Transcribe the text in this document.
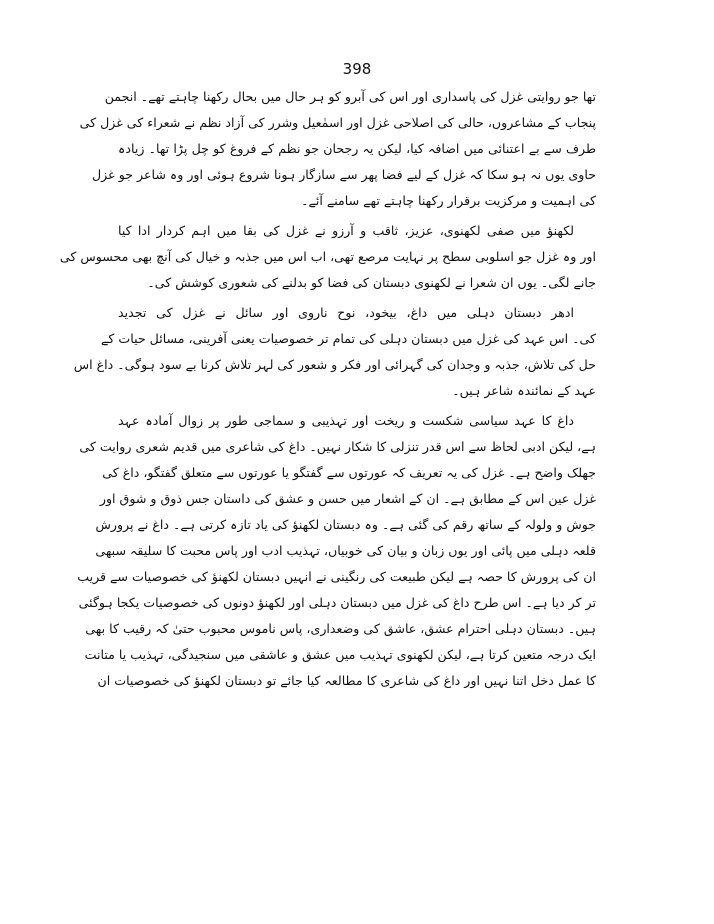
398
تھا جو روایتی غزل کی پاسداری اور اس کی آبرو کو ہر حال میں بحال رکھنا چاہتے تھے۔ انجمن
پنجاب کے مشاعروں، حالی کی اصلاحی غزل اور اسمٰعیل وشرر کی آزاد نظم نے شعراء کی غزل کی
طرف سے بے اعتنائی میں اضافہ کیا، لیکن یہ رجحان جو نظم کے فروغ کو چل پڑا تھا۔ زیادہ
حاوی یوں نہ ہو سکا کہ غزل کے لیے فضا پھر سے سازگار ہونا شروع ہوئی اور وہ شاعر جو غزل
کی اہمیت و مرکزیت برقرار رکھنا چاہتے تھے سامنے آئے۔
لکھنؤ میں صفی لکھنوی، عزیز، ثاقب و آرزو نے غزل کی بقا میں اہم کردار ادا کیا
اور وہ غزل جو اسلوبی سطح پر نہایت مرصع تھی، اب اس میں جذبہ و خیال کی آنچ بھی محسوس کی
جانے لگی۔ یوں ان شعرا نے لکھنوی دبستان کی فضا کو بدلنے کی شعوری کوشش کی۔
ادھر دبستان دہلی میں داغ، بیخود، نوح ناروی اور سائل نے غزل کی تجدید
کی۔ اس عہد کی غزل میں دبستان دہلی کی تمام تر خصوصیات یعنی آفرینی، مسائل حیات کے
حل کی تلاش، جذبہ و وجدان کی گہرائی اور فکر و شعور کی لہر تلاش کرنا بے سود ہوگی۔ داغ اس
عہد کے نمائندہ شاعر ہیں۔
داغ کا عہد سیاسی شکست و ریخت اور تہذیبی و سماجی طور پر زوال آمادہ عہد
ہے، لیکن ادبی لحاظ سے اس قدر تنزلی کا شکار نہیں۔ داغ کی شاعری میں قدیم شعری روایت کی
جھلک واضح ہے۔ غزل کی یہ تعریف کہ عورتوں سے گفتگو یا عورتوں سے متعلق گفتگو، داغ کی
غزل عین اس کے مطابق ہے۔ ان کے اشعار میں حسن و عشق کی داستان جس ذوق و شوق اور
جوش و ولولہ کے ساتھ رقم کی گئی ہے۔ وہ دبستان لکھنؤ کی یاد تازہ کرتی ہے۔ داغ نے پرورش
قلعہ دہلی میں پائی اور یوں زبان و بیان کی خوبیاں، تہذیب ادب اور پاس محبت کا سلیقہ سبھی
ان کی پرورش کا حصہ ہے لیکن طبیعت کی رنگینی نے انہیں دبستان لکھنؤ کی خصوصیات سے قریب
تر کر دیا ہے۔ اس طرح داغ کی غزل میں دبستان دہلی اور لکھنؤ دونوں کی خصوصیات یکجا ہوگئی
ہیں۔ دبستان دہلی احترام عشق، عاشق کی وضعداری، پاس ناموس محبوب حتیٰ کہ رقیب کا بھی
ایک درجہ متعین کرتا ہے، لیکن لکھنوی تہذیب میں عشق و عاشقی میں سنجیدگی، تہذیب یا متانت
کا عمل دخل اتنا نہیں اور داغ کی شاعری کا مطالعہ کیا جائے تو دبستان لکھنؤ کی خصوصیات ان
